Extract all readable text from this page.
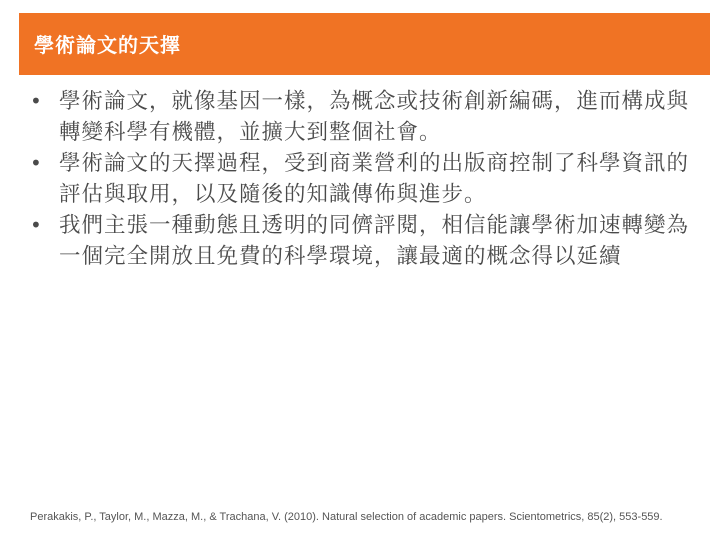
學術論文的天擇
• 學術論文，就像基因一樣，為概念或技術創新編碼，進而構成與轉變科學有機體，並擴大到整個社會。
• 學術論文的天擇過程，受到商業營利的出版商控制了科學資訊的評估與取用，以及隨後的知識傳佈與進步。
• 我們主張一種動態且透明的同儕評閱，相信能讓學術加速轉變為一個完全開放且免費的科學環境，讓最適的概念得以延續
Perakakis, P., Taylor, M., Mazza, M., & Trachana, V. (2010). Natural selection of academic papers. Scientometrics, 85(2), 553-559.
